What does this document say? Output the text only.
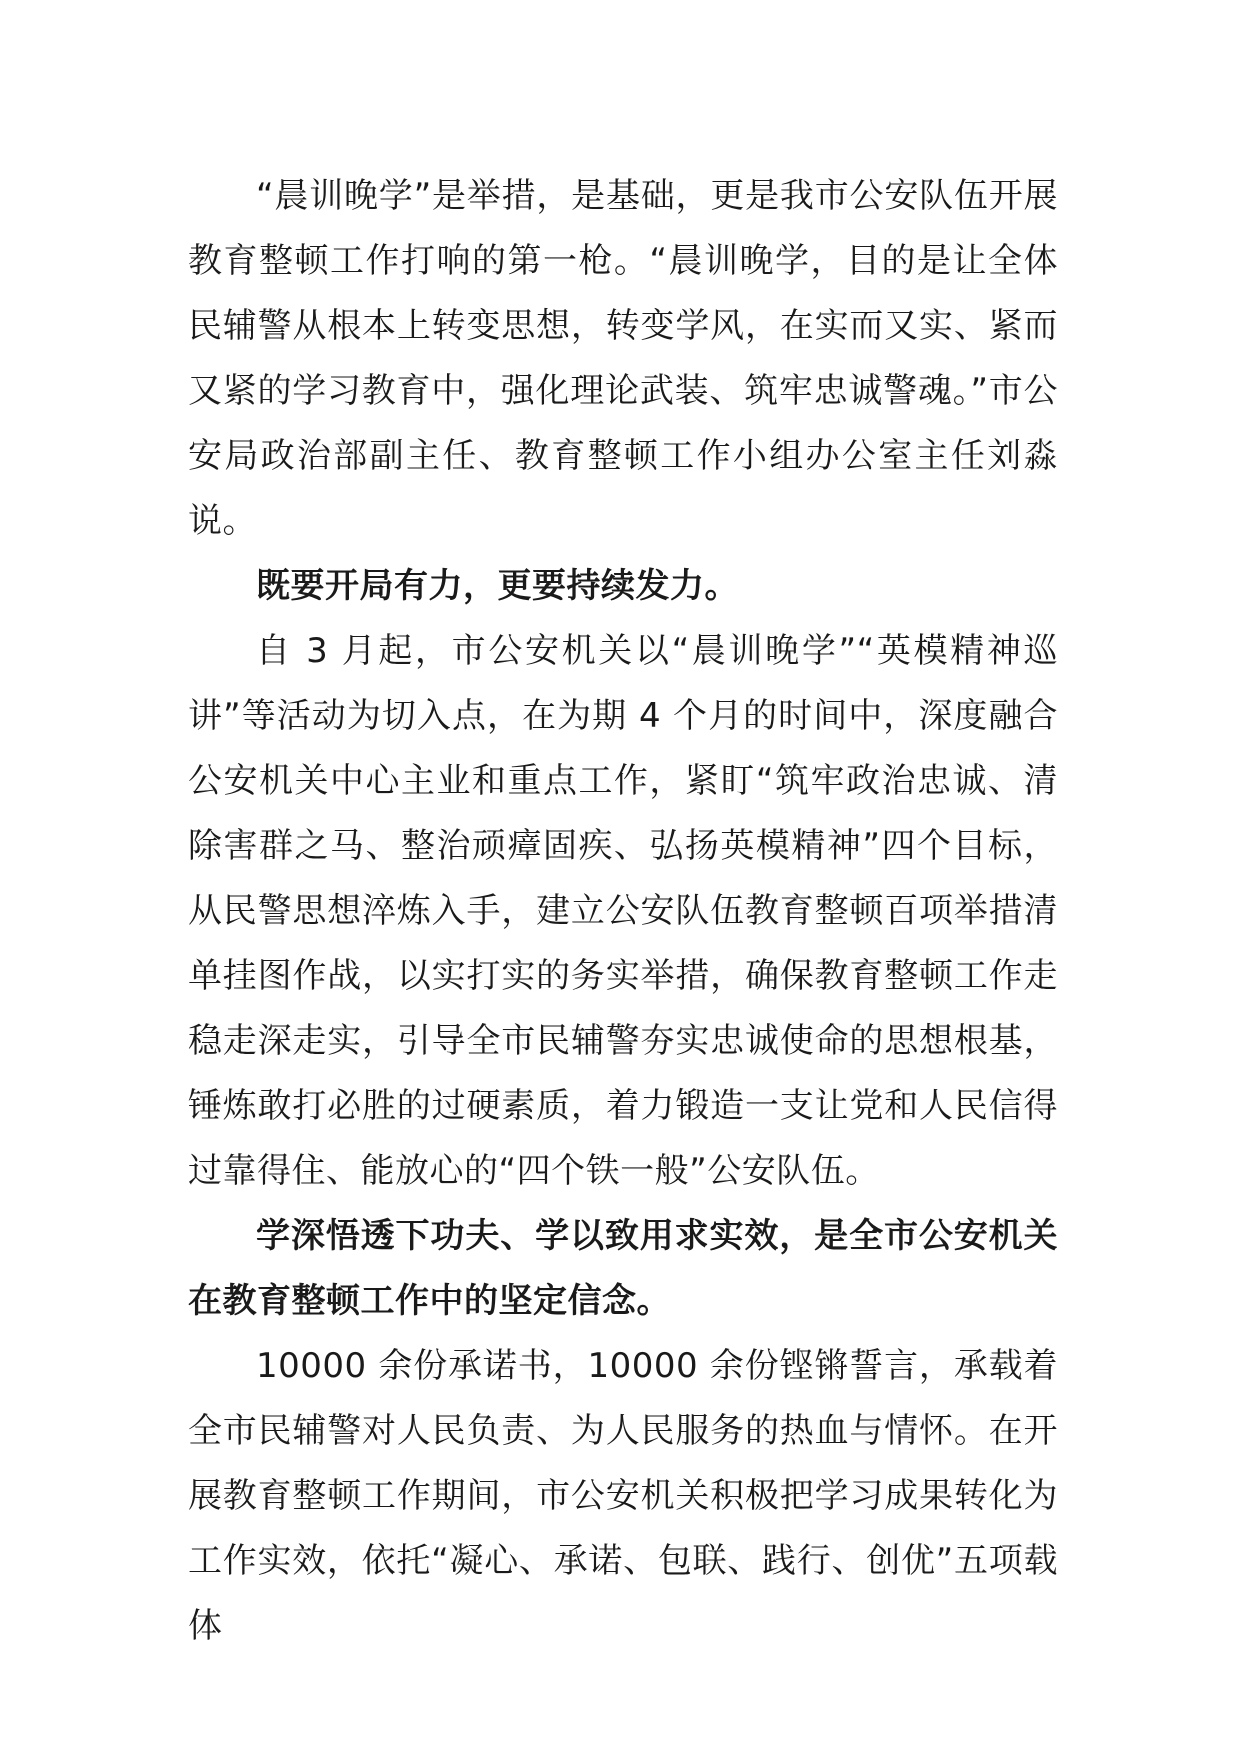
“晨训晚学”是举措，是基础，更是我市公安队伍开展教育整顿工作打响的第一枪。“晨训晚学，目的是让全体民辅警从根本上转变思想，转变学风，在实而又实、紧而又紧的学习教育中，强化理论武装、筑牢忠诚警魂。”市公安局政治部副主任、教育整顿工作小组办公室主任刘淼说。

既要开局有力，更要持续发力。

自 3 月起，市公安机关以“晨训晚学”“英模精神巡讲”等活动为切入点，在为期 4 个月的时间中，深度融合公安机关中心主业和重点工作，紧盯“筑牢政治忠诚、清除害群之马、整治顽瘴固疾、弘扬英模精神”四个目标，从民警思想淬炼入手，建立公安队伍教育整顿百项举措清单挂图作战，以实打实的务实举措，确保教育整顿工作走稳走深走实，引导全市民辅警夯实忠诚使命的思想根基，锤炼敢打必胜的过硬素质，着力锻造一支让党和人民信得过靠得住、能放心的“四个铁一般”公安队伍。

学深悟透下功夫、学以致用求实效，是全市公安机关在教育整顿工作中的坚定信念。

10000 余份承诺书，10000 余份铿锵誓言，承载着全市民辅警对人民负责、为人民服务的热血与情怀。在开展教育整顿工作期间，市公安机关积极把学习成果转化为工作实效，依托“凝心、承诺、包联、践行、创优”五项载体
